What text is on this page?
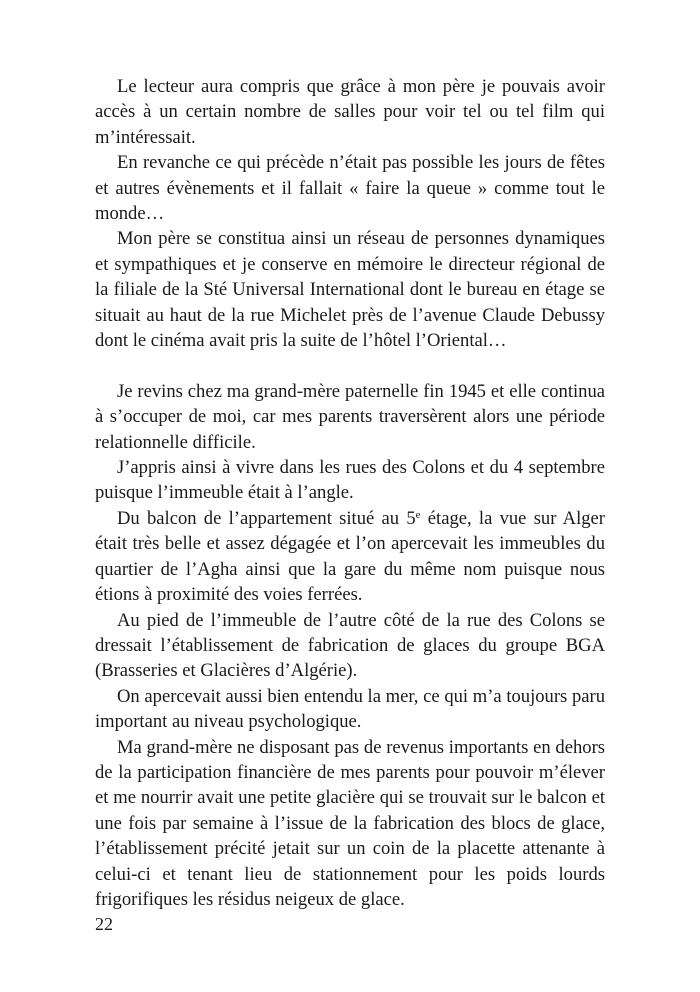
Le lecteur aura compris que grâce à mon père je pouvais avoir accès à un certain nombre de salles pour voir tel ou tel film qui m’intéressait.

En revanche ce qui précède n’était pas possible les jours de fêtes et autres évènements et il fallait « faire la queue » comme tout le monde…

Mon père se constitua ainsi un réseau de personnes dynamiques et sympathiques et je conserve en mémoire le directeur régional de la filiale de la Sté Universal International dont le bureau en étage se situait au haut de la rue Michelet près de l’avenue Claude Debussy dont le cinéma avait pris la suite de l’hôtel l’Oriental…

Je revins chez ma grand-mère paternelle fin 1945 et elle continua à s’occuper de moi, car mes parents traversèrent alors une période relationnelle difficile.

J’appris ainsi à vivre dans les rues des Colons et du 4 septembre puisque l’immeuble était à l’angle.

Du balcon de l’appartement situé au 5e étage, la vue sur Alger était très belle et assez dégagée et l’on apercevait les immeubles du quartier de l’Agha ainsi que la gare du même nom puisque nous étions à proximité des voies ferrées.

Au pied de l’immeuble de l’autre côté de la rue des Colons se dressait l’établissement de fabrication de glaces du groupe BGA (Brasseries et Glacières d’Algérie).

On apercevait aussi bien entendu la mer, ce qui m’a toujours paru important au niveau psychologique.

Ma grand-mère ne disposant pas de revenus importants en dehors de la participation financière de mes parents pour pouvoir m’élever et me nourrir avait une petite glacière qui se trouvait sur le balcon et une fois par semaine à l’issue de la fabrication des blocs de glace, l’établissement précité jetait sur un coin de la placette attenante à celui-ci et tenant lieu de stationnement pour les poids lourds frigorifiques les résidus neigeux de glace.

22
